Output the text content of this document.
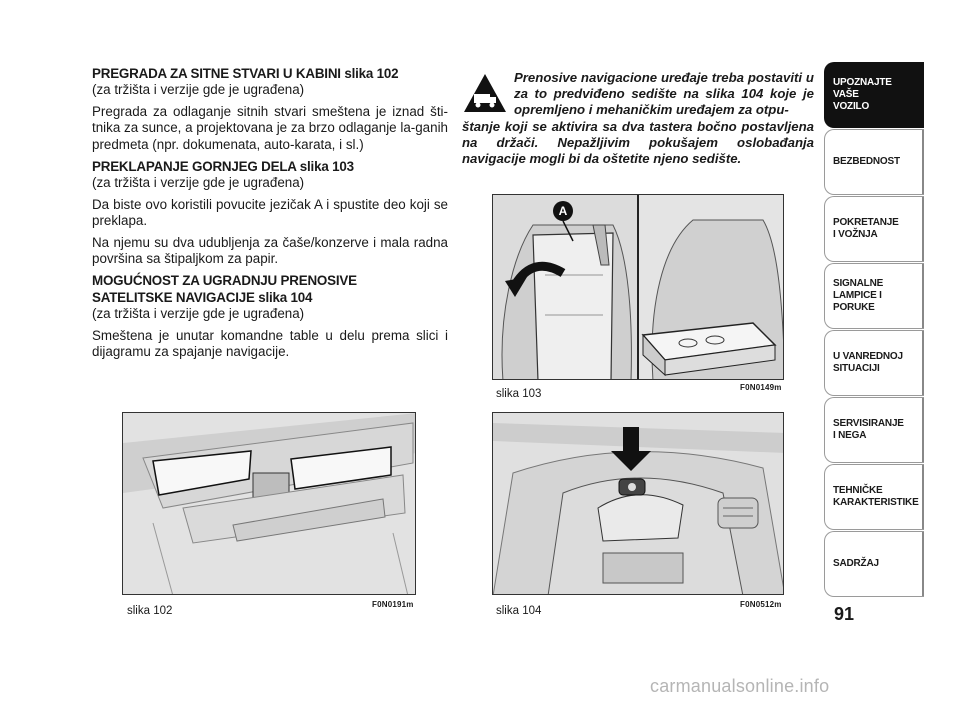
PREGRADA ZA SITNE STVARI U KABINI slika 102
(za tržišta i verzije gde je ugrađena)

Pregrada za odlaganje sitnih stvari smeštena je iznad šti-tnika za sunce, a projektovana je za brzo odlaganje la-ganih predmeta (npr. dokumenata, auto-karata, i sl.)

PREKLAPANJE GORNJEG DELA slika 103
(za tržišta i verzije gde je ugrađena)

Da biste ovo koristili povucite jezičak A i spustite deo koji se preklapa.

Na njemu su dva udubljenja za čaše/konzerve i mala radna površina sa štipaljkom za papir.

MOGUĆNOST ZA UGRADNJU PRENOSIVE
SATELITSKE NAVIGACIJE slika 104
(za tržišta i verzije gde je ugrađena)

Smeštena je unutar komandne table u delu prema slici i dijagramu za spajanje navigacije.

Prenosive navigacione uređaje treba postaviti u za to predviđeno sedište na slika 104 koje je opremljeno i mehaničkim uređajem za otpu-
štanje koji se aktivira sa dva tastera bočno postavljena na držači. Nepažljivim pokušajem oslobađanja navigacije mogli bi da oštetite njeno sedište.
A
slika 103
F0N0149m
slika 102
F0N0191m
slika 104
F0N0512m
UPOZNAJTE
VAŠE
VOZILO
BEZBEDNOST
POKRETANJE
I VOŽNJA
SIGNALNE
LAMPICE I PORUKE
U VANREDNOJ
SITUACIJI
SERVISIRANJE
I NEGA
TEHNIČKE
KARAKTERISTIKE
SADRŽAJ
91
carmanualsonline.info
